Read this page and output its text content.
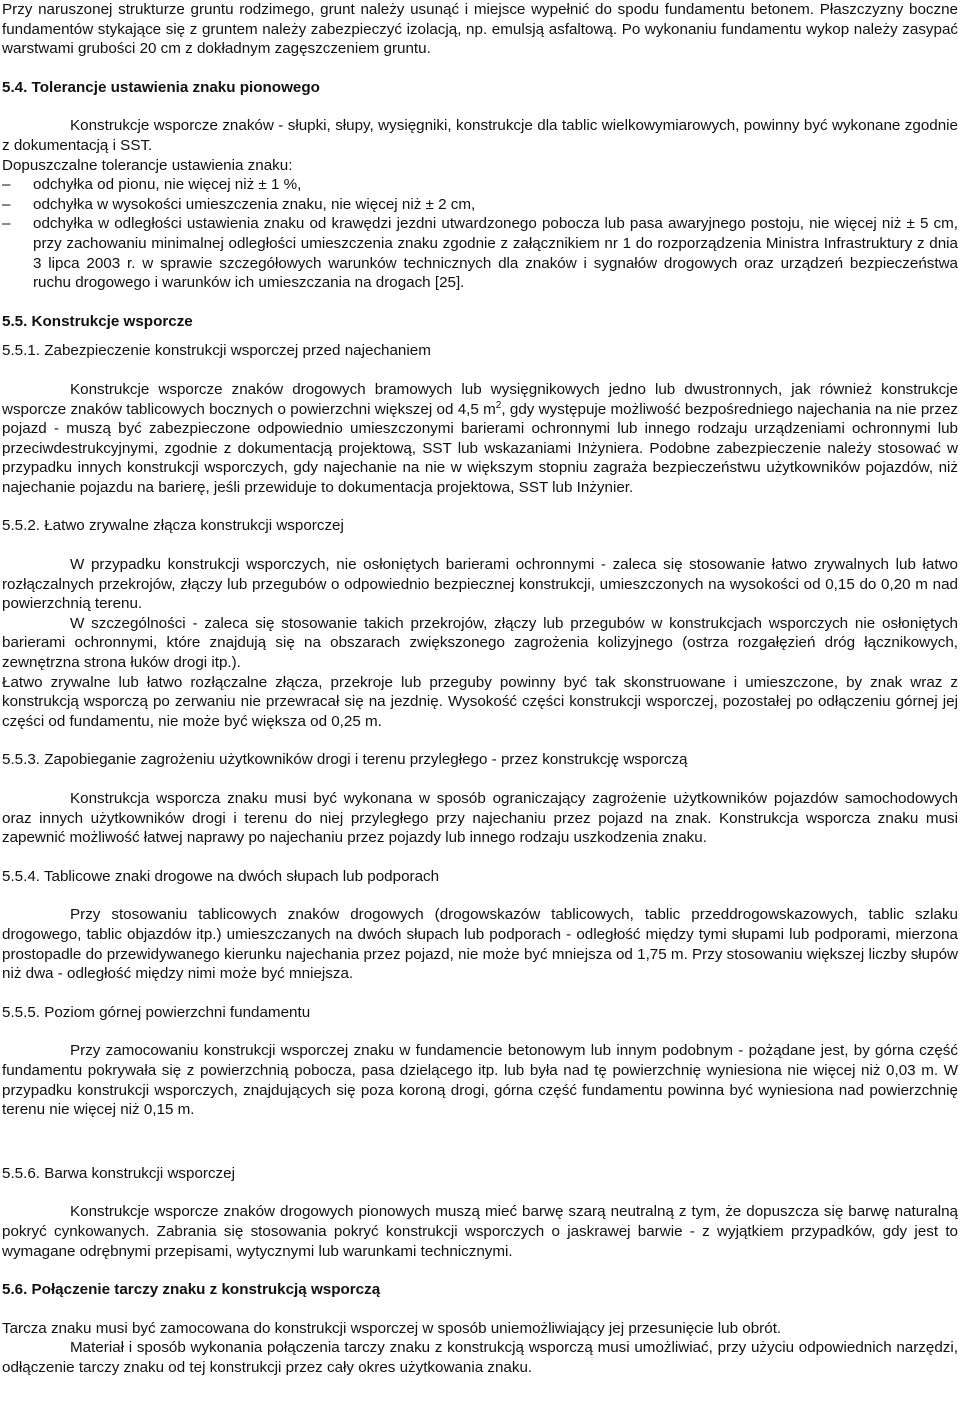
Przy naruszonej strukturze gruntu rodzimego, grunt należy usunąć i miejsce wypełnić do spodu fundamentu betonem. Płaszczyzny boczne fundamentów stykające się z gruntem należy zabezpieczyć izolacją, np. emulsją asfaltową. Po wykonaniu fundamentu wykop należy zasypać warstwami grubości 20 cm z dokładnym zagęszczeniem gruntu.

5.4. Tolerancje ustawienia znaku pionowego

Konstrukcje wsporcze znaków - słupki, słupy, wysięgniki, konstrukcje dla tablic wielkowymiarowych, powinny być wykonane zgodnie z dokumentacją i SST.

Dopuszczalne tolerancje ustawienia znaku:

– odchyłka od pionu, nie więcej niż ± 1 %,
– odchyłka w wysokości umieszczenia znaku, nie więcej niż ± 2 cm,
– odchyłka w odległości ustawienia znaku od krawędzi jezdni utwardzonego pobocza lub pasa awaryjnego postoju, nie więcej niż ± 5 cm, przy zachowaniu minimalnej odległości umieszczenia znaku zgodnie z załącznikiem nr 1 do rozporządzenia Ministra Infrastruktury z dnia 3 lipca 2003 r. w sprawie szczegółowych warunków technicznych dla znaków i sygnałów drogowych oraz urządzeń bezpieczeństwa ruchu drogowego i warunków ich umieszczania na drogach [25].

5.5. Konstrukcje wsporcze

5.5.1. Zabezpieczenie konstrukcji wsporczej przed najechaniem

Konstrukcje wsporcze znaków drogowych bramowych lub wysięgnikowych jedno lub dwustronnych, jak również konstrukcje wsporcze znaków tablicowych bocznych o powierzchni większej od 4,5 $m^2$, gdy występuje możliwość bezpośredniego najechania na nie przez pojazd - muszą być zabezpieczone odpowiednio umieszczonymi barierami ochronnymi lub innego rodzaju urządzeniami ochronnymi lub przeciwdestrukcyjnymi, zgodnie z dokumentacją projektową, SST lub wskazaniami Inżyniera. Podobne zabezpieczenie należy stosować w przypadku innych konstrukcji wsporczych, gdy najechanie na nie w większym stopniu zagraża bezpieczeństwu użytkowników pojazdów, niż najechanie pojazdu na barierę, jeśli przewiduje to dokumentacja projektowa, SST lub Inżynier.

5.5.2. Łatwo zrywalne złącza konstrukcji wsporczej

W przypadku konstrukcji wsporczych, nie osłoniętych barierami ochronnymi - zaleca się stosowanie łatwo zrywalnych lub łatwo rozłączalnych przekrojów, złączy lub przegubów o odpowiednio bezpiecznej konstrukcji, umieszczonych na wysokości od 0,15 do 0,20 m nad powierzchnią terenu.

W szczególności - zaleca się stosowanie takich przekrojów, złączy lub przegubów w konstrukcjach wsporczych nie osłoniętych barierami ochronnymi, które znajdują się na obszarach zwiększonego zagrożenia kolizyjnego (ostrza rozgałęzień dróg łącznikowych, zewnętrzna strona łuków drogi itp.).

Łatwo zrywalne lub łatwo rozłączalne złącza, przekroje lub przeguby powinny być tak skonstruowane i umieszczone, by znak wraz z konstrukcją wsporczą po zerwaniu nie przewracał się na jezdnię. Wysokość części konstrukcji wsporczej, pozostałej po odłączeniu górnej jej części od fundamentu, nie może być większa od 0,25 m.

5.5.3. Zapobieganie zagrożeniu użytkowników drogi i terenu przyległego - przez konstrukcję wsporczą

Konstrukcja wsporcza znaku musi być wykonana w sposób ograniczający zagrożenie użytkowników pojazdów samochodowych oraz innych użytkowników drogi i terenu do niej przyległego przy najechaniu przez pojazd na znak. Konstrukcja wsporcza znaku musi zapewnić możliwość łatwej naprawy po najechaniu przez pojazdy lub innego rodzaju uszkodzenia znaku.

5.5.4. Tablicowe znaki drogowe na dwóch słupach lub podporach

Przy stosowaniu tablicowych znaków drogowych (drogowskazów tablicowych, tablic przeddrogowskazowych, tablic szlaku drogowego, tablic objazdów itp.) umieszczanych na dwóch słupach lub podporach - odległość między tymi słupami lub podporami, mierzona prostopadle do przewidywanego kierunku najechania przez pojazd, nie może być mniejsza od 1,75 m. Przy stosowaniu większej liczby słupów niż dwa - odległość między nimi może być mniejsza.

5.5.5. Poziom górnej powierzchni fundamentu

Przy zamocowaniu konstrukcji wsporczej znaku w fundamencie betonowym lub innym podobnym - pożądane jest, by górna część fundamentu pokrywała się z powierzchnią pobocza, pasa dzielącego itp. lub była nad tę powierzchnię wyniesiona nie więcej niż 0,03 m. W przypadku konstrukcji wsporczych, znajdujących się poza koroną drogi, górna część fundamentu powinna być wyniesiona nad powierzchnię terenu nie więcej niż 0,15 m.

5.5.6. Barwa konstrukcji wsporczej

Konstrukcje wsporcze znaków drogowych pionowych muszą mieć barwę szarą neutralną z tym, że dopuszcza się barwę naturalną pokryć cynkowanych. Zabrania się stosowania pokryć konstrukcji wsporczych o jaskrawej barwie - z wyjątkiem przypadków, gdy jest to wymagane odrębnymi przepisami, wytycznymi lub warunkami technicznymi.

5.6. Połączenie tarczy znaku z konstrukcją wsporczą

Tarcza znaku musi być zamocowana do konstrukcji wsporczej w sposób uniemożliwiający jej przesunięcie lub obrót.

Materiał i sposób wykonania połączenia tarczy znaku z konstrukcją wsporczą musi umożliwiać, przy użyciu odpowiednich narzędzi, odłączenie tarczy znaku od tej konstrukcji przez cały okres użytkowania znaku.
